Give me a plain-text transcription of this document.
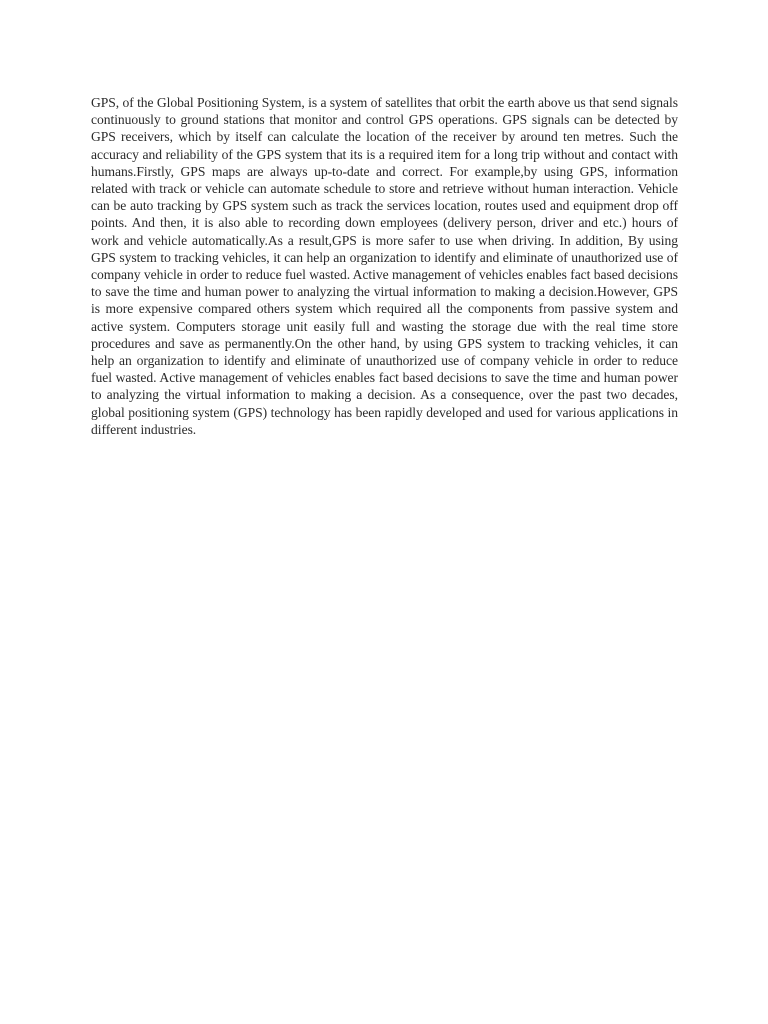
GPS, of the Global Positioning System, is a system of satellites that orbit the earth above us that send signals continuously to ground stations that monitor and control GPS operations. GPS signals can be detected by GPS receivers, which by itself can calculate the location of the receiver by around ten metres. Such the accuracy and reliability of the GPS system that its is a required item for a long trip without and contact with humans.Firstly, GPS maps are always up-to-date and correct. For example,by using GPS, information related with track or vehicle can automate schedule to store and retrieve without human interaction. Vehicle can be auto tracking by GPS system such as track the services location, routes used and equipment drop off points. And then, it is also able to recording down employees (delivery person, driver and etc.) hours of work and vehicle automatically.As a result,GPS is more safer to use when driving. In addition, By using GPS system to tracking vehicles, it can help an organization to identify and eliminate of unauthorized use of company vehicle in order to reduce fuel wasted. Active management of vehicles enables fact based decisions to save the time and human power to analyzing the virtual information to making a decision.However, GPS is more expensive compared others system which required all the components from passive system and active system. Computers storage unit easily full and wasting the storage due with the real time store procedures and save as permanently.On the other hand, by using GPS system to tracking vehicles, it can help an organization to identify and eliminate of unauthorized use of company vehicle in order to reduce fuel wasted. Active management of vehicles enables fact based decisions to save the time and human power to analyzing the virtual information to making a decision. As a consequence, over the past two decades, global positioning system (GPS) technology has been rapidly developed and used for various applications in different industries.
